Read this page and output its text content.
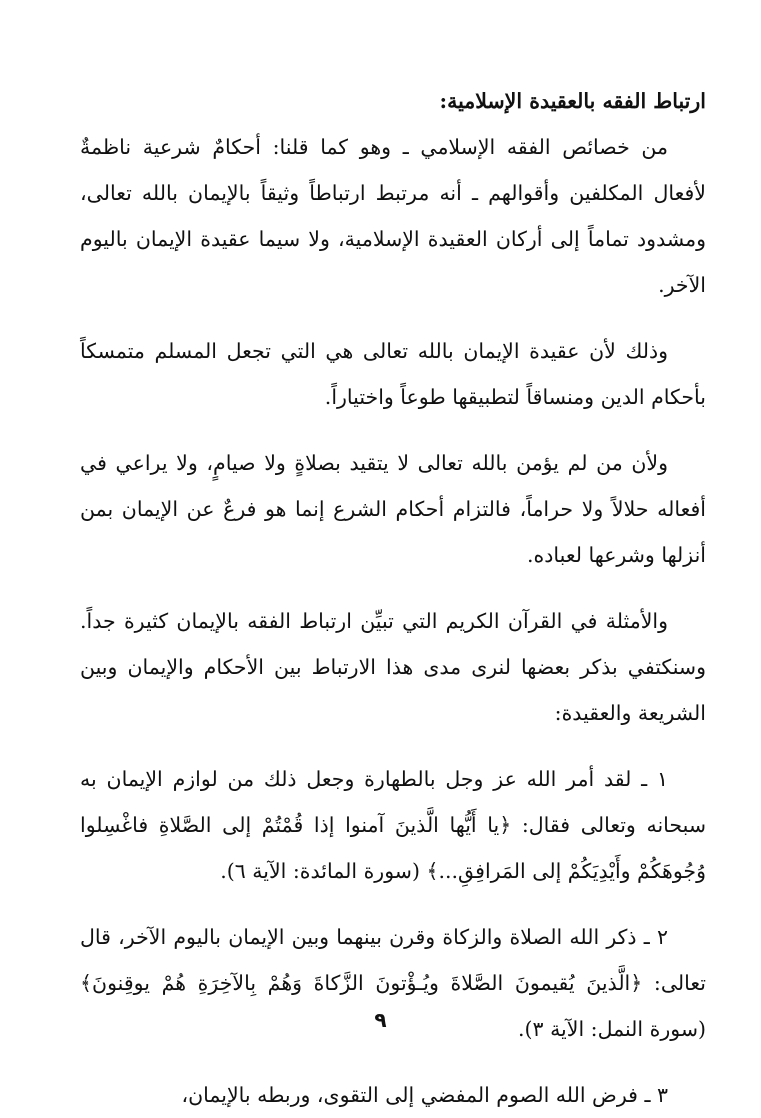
ارتباط الفقه بالعقيدة الإسلامية:

من خصائص الفقه الإسلامي ـ وهو كما قلنا: أحكامٌ شرعية ناظمةٌ لأفعال المكلفين وأقوالهم ـ أنه مرتبط ارتباطاً وثيقاً بالإيمان بالله تعالى، ومشدود تماماً إلى أركان العقيدة الإسلامية، ولا سيما عقيدة الإيمان باليوم الآخر.

وذلك لأن عقيدة الإيمان بالله تعالى هي التي تجعل المسلم متمسكاً بأحكام الدين ومنساقاً لتطبيقها طوعاً واختياراً.

ولأن من لم يؤمن بالله تعالى لا يتقيد بصلاةٍ ولا صيامٍ، ولا يراعي في أفعاله حلالاً ولا حراماً، فالتزام أحكام الشرع إنما هو فرعٌ عن الإيمان بمن أنزلها وشرعها لعباده.

والأمثلة في القرآن الكريم التي تبيِّن ارتباط الفقه بالإيمان كثيرة جداً. وسنكتفي بذكر بعضها لنرى مدى هذا الارتباط بين الأحكام والإيمان وبين الشريعة والعقيدة:

١ ـ لقد أمر الله عز وجل بالطهارة وجعل ذلك من لوازم الإيمان به سبحانه وتعالى فقال: ﴿يا أَيُّها الَّذينَ آمنوا إذا قُمْتُمْ إلى الصَّلاةِ فاغْسِلوا وُجُوهَكُمْ وأَيْدِيَكُمْ إلى المَرافِقِ...﴾ (سورة المائدة: الآية ٦).

٢ ـ ذكر الله الصلاة والزكاة وقرن بينهما وبين الإيمان باليوم الآخر، قال تعالى: ﴿الَّذينَ يُقيمونَ الصَّلاةَ ويُـؤْتونَ الزَّكاةَ وَهُمْ بِالآخِرَةِ هُمْ يوقِنونَ﴾ (سورة النمل: الآية ٣).

٣ ـ فرض الله الصوم المفضي إلى التقوى، وربطه بالإيمان،

٩
